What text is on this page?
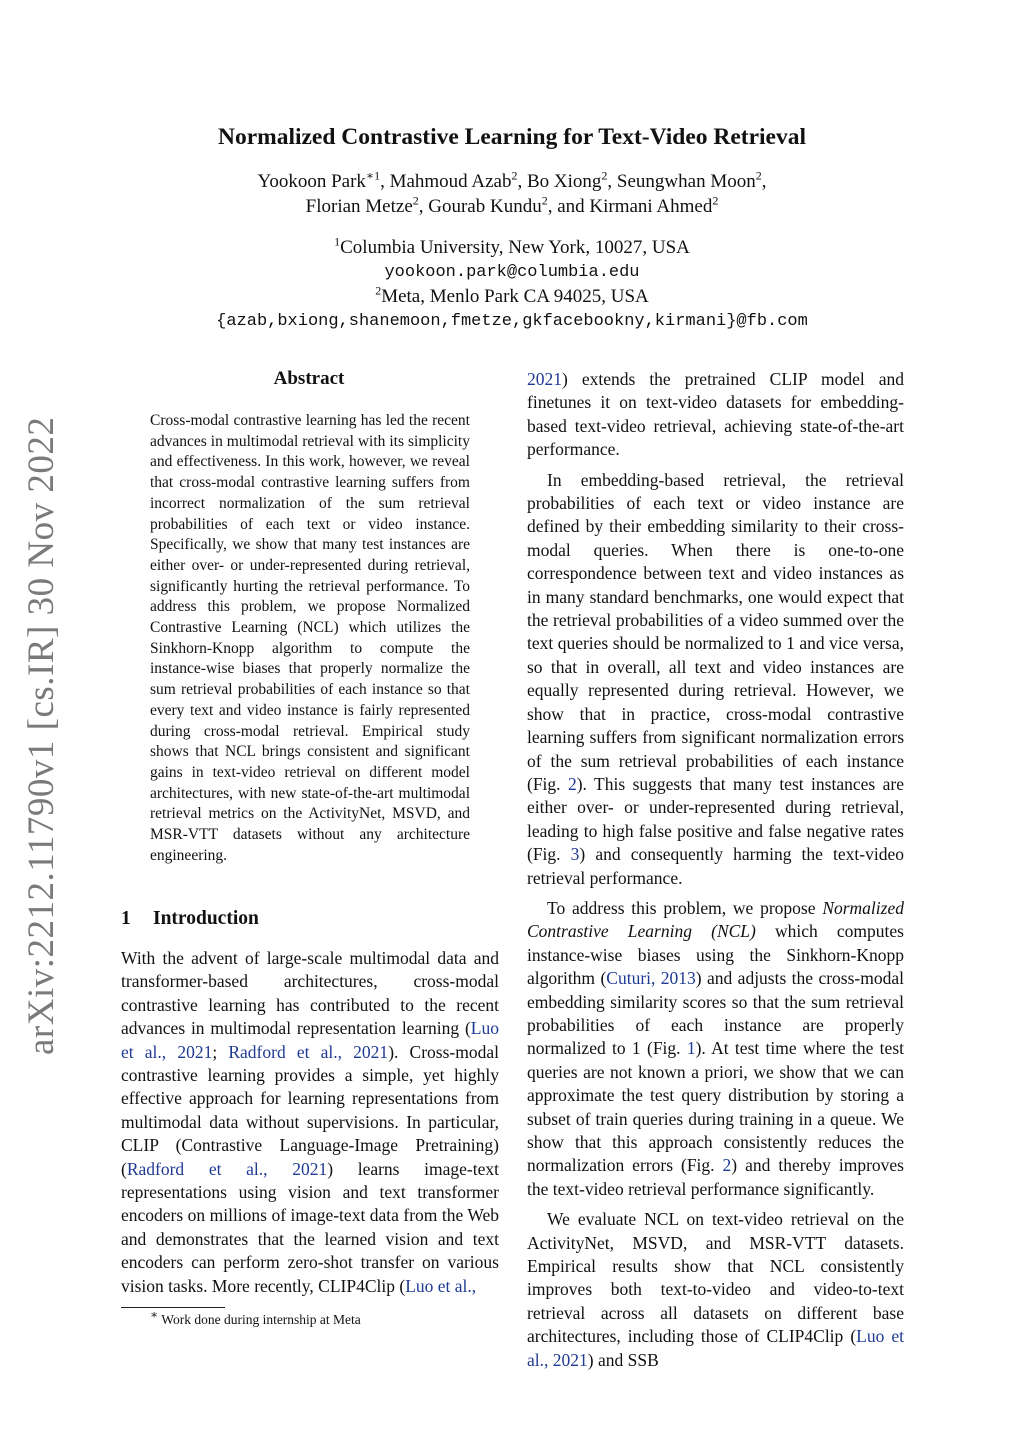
arXiv:2212.11790v1 [cs.IR] 30 Nov 2022
Normalized Contrastive Learning for Text-Video Retrieval
Yookoon Park$^{∗1}$, Mahmoud Azab$^2$, Bo Xiong$^2$, Seungwhan Moon$^2$,
Florian Metze$^2$, Gourab Kundu$^2$, and Kirmani Ahmed$^2$
$^1$Columbia University, New York, 10027, USA
yookoon.park@columbia.edu
$^2$Meta, Menlo Park CA 94025, USA
{azab,bxiong,shanemoon,fmetze,gkfacebookny,kirmani}@fb.com
Abstract
Cross-modal contrastive learning has led the recent advances in multimodal retrieval with its simplicity and effectiveness. In this work, however, we reveal that cross-modal contrastive learning suffers from incorrect normalization of the sum retrieval probabilities of each text or video instance. Specifically, we show that many test instances are either over- or under-represented during retrieval, significantly hurting the retrieval performance. To address this problem, we propose Normalized Contrastive Learning (NCL) which utilizes the Sinkhorn-Knopp algorithm to compute the instance-wise biases that properly normalize the sum retrieval probabilities of each instance so that every text and video instance is fairly represented during cross-modal retrieval. Empirical study shows that NCL brings consistent and significant gains in text-video retrieval on different model architectures, with new state-of-the-art multimodal retrieval metrics on the ActivityNet, MSVD, and MSR-VTT datasets without any architecture engineering.
1 Introduction
With the advent of large-scale multimodal data and transformer-based architectures, cross-modal contrastive learning has contributed to the recent advances in multimodal representation learning (Luo et al., 2021; Radford et al., 2021). Cross-modal contrastive learning provides a simple, yet highly effective approach for learning representations from multimodal data without supervisions. In particular, CLIP (Contrastive Language-Image Pretraining) (Radford et al., 2021) learns image-text representations using vision and text transformer encoders on millions of image-text data from the Web and demonstrates that the learned vision and text encoders can perform zero-shot transfer on various vision tasks. More recently, CLIP4Clip (Luo et al.,
∗ Work done during internship at Meta

2021) extends the pretrained CLIP model and finetunes it on text-video datasets for embedding-based text-video retrieval, achieving state-of-the-art performance.

In embedding-based retrieval, the retrieval probabilities of each text or video instance are defined by their embedding similarity to their cross-modal queries. When there is one-to-one correspondence between text and video instances as in many standard benchmarks, one would expect that the retrieval probabilities of a video summed over the text queries should be normalized to 1 and vice versa, so that in overall, all text and video instances are equally represented during retrieval. However, we show that in practice, cross-modal contrastive learning suffers from significant normalization errors of the sum retrieval probabilities of each instance (Fig. 2). This suggests that many test instances are either over- or under-represented during retrieval, leading to high false positive and false negative rates (Fig. 3) and consequently harming the text-video retrieval performance.

To address this problem, we propose Normalized Contrastive Learning (NCL) which computes instance-wise biases using the Sinkhorn-Knopp algorithm (Cuturi, 2013) and adjusts the cross-modal embedding similarity scores so that the sum retrieval probabilities of each instance are properly normalized to 1 (Fig. 1). At test time where the test queries are not known a priori, we show that we can approximate the test query distribution by storing a subset of train queries during training in a queue. We show that this approach consistently reduces the normalization errors (Fig. 2) and thereby improves the text-video retrieval performance significantly.

We evaluate NCL on text-video retrieval on the ActivityNet, MSVD, and MSR-VTT datasets. Empirical results show that NCL consistently improves both text-to-video and video-to-text retrieval across all datasets on different base architectures, including those of CLIP4Clip (Luo et al., 2021) and SSB
